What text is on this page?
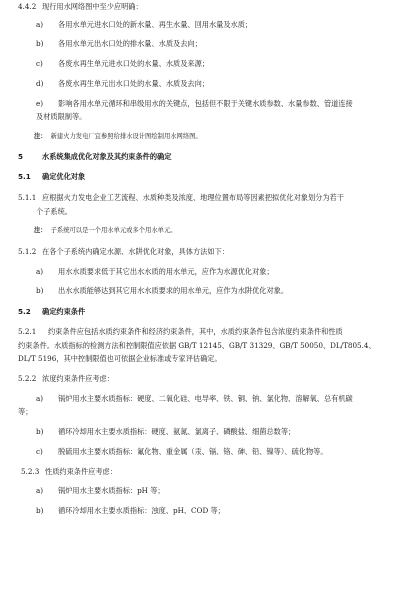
4.4.2 现行用水网络图中至少应明确：
a)	各用水单元进水口处的新水量、再生水量、回用水量及水质；
b)	各用水单元出水口处的排水量、水质及去向；
c)	各废水再生单元进水口处的水量、水质及来源；
d)	各废水再生单元出水口处的水量、水质及去向；
e)	影响各用水单元循环和串级用水的关键点，包括但不限于关键水质参数、水量参数、管道连接
及材质限制等。
注： 新建火力发电厂宜参照给排水设计图绘制用水网络图。
5	水系统集成优化对象及其约束条件的确定
5.1	确定优化对象
5.1.1 应根据火力发电企业工艺流程、水质种类及浓度、地理位置布局等因素把拟优化对象划分为若干
个子系统。
注： 子系统可以是一个用水单元或多个用水单元。
5.1.2 在各个子系统内确定水源、水阱优化对象，具体方法如下：
a)	用水水质要求低于其它出水水质的用水单元，应作为水源优化对象；
b)	出水水质能够达到其它用水水质要求的用水单元，应作为水阱优化对象。
5.2	确定约束条件
5.2.1 约束条件应包括水质约束条件和经济约束条件，其中，水质约束条件包含浓度约束条件和性质
约束条件。水质指标的检测方法和控制限值应依据 GB/T 12145、GB/T 31329、GB/T 50050、DL/T805.4、
DL/T 5196，其中控制限值也可依据企业标准或专家评估确定。
5.2.2 浓度约束条件应考虑：
a)	锅炉用水主要水质指标：硬度、二氧化硅、电导率、铁、铜、钠、氯化物、溶解氧、总有机碳
等；
b)	循环冷却用水主要水质指标：硬度、氨氮、氯离子、磷酸盐、细菌总数等；
c)	脱硫用水主要水质指标：氟化物、重金属（汞、镉、铬、砷、铅、镍等）、硫化物等。
5.2.3 性质约束条件应考虑：
a)	锅炉用水主要水质指标：pH 等；
b)	循环冷却用水主要水质指标：浊度、pH、COD 等；
